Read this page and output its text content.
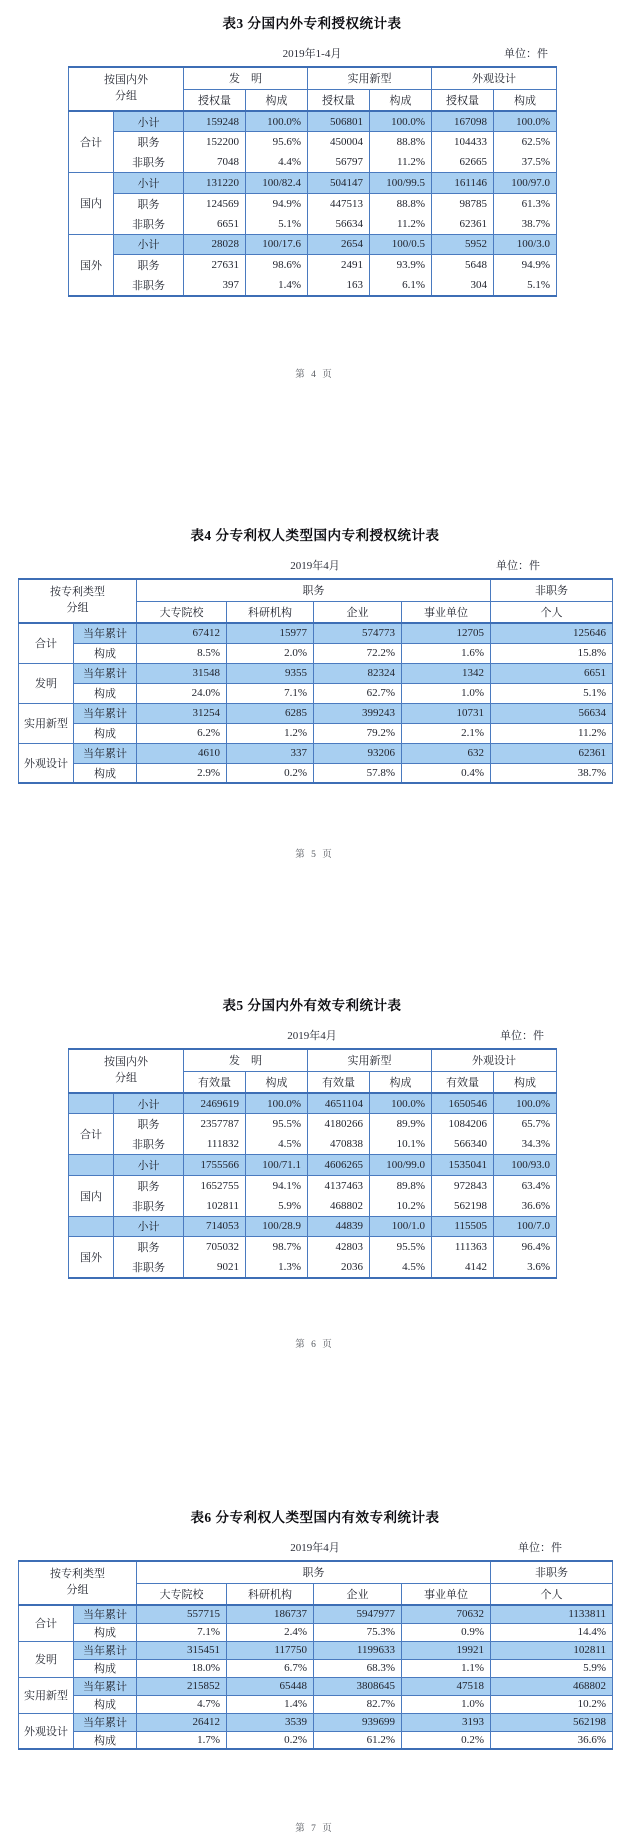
表3 分国内外专利授权统计表
2019年1-4月	单位：件
按国内外
分组		发　明		实用新型		外观设计	
		授权量	构成	授权量	构成	授权量	构成
合计	小计	159248	100.0%	506801	100.0%	167098	100.0%
	职务	152200	95.6%	450004	88.8%	104433	62.5%
	非职务	7048	4.4%	56797	11.2%	62665	37.5%
国内	小计	131220	100/82.4	504147	100/99.5	161146	100/97.0
	职务	124569	94.9%	447513	88.8%	98785	61.3%
	非职务	6651	5.1%	56634	11.2%	62361	38.7%
国外	小计	28028	100/17.6	2654	100/0.5	5952	100/3.0
	职务	27631	98.6%	2491	93.9%	5648	94.9%
	非职务	397	1.4%	163	6.1%	304	5.1%
第 4 页
表4 分专利权人类型国内专利授权统计表
2019年4月	单位：件
按专利类型
分组		职务				非职务
		大专院校	科研机构	企业	事业单位	个人
合计	当年累计	67412	15977	574773	12705	125646
	构成	8.5%	2.0%	72.2%	1.6%	15.8%
发明	当年累计	31548	9355	82324	1342	6651
	构成	24.0%	7.1%	62.7%	1.0%	5.1%
实用新型	当年累计	31254	6285	399243	10731	56634
	构成	6.2%	1.2%	79.2%	2.1%	11.2%
外观设计	当年累计	4610	337	93206	632	62361
	构成	2.9%	0.2%	57.8%	0.4%	38.7%
第 5 页
表5 分国内外有效专利统计表
2019年4月	单位：件
按国内外
分组		发　明		实用新型		外观设计	
		有效量	构成	有效量	构成	有效量	构成
	小计	2469619	100.0%	4651104	100.0%	1650546	100.0%
合计	职务	2357787	95.5%	4180266	89.9%	1084206	65.7%
	非职务	111832	4.5%	470838	10.1%	566340	34.3%
	小计	1755566	100/71.1	4606265	100/99.0	1535041	100/93.0
国内	职务	1652755	94.1%	4137463	89.8%	972843	63.4%
	非职务	102811	5.9%	468802	10.2%	562198	36.6%
	小计	714053	100/28.9	44839	100/1.0	115505	100/7.0
国外	职务	705032	98.7%	42803	95.5%	111363	96.4%
	非职务	9021	1.3%	2036	4.5%	4142	3.6%
第 6 页
表6 分专利权人类型国内有效专利统计表
2019年4月	单位：件
按专利类型
分组		职务				非职务
		大专院校	科研机构	企业	事业单位	个人
合计	当年累计	557715	186737	5947977	70632	1133811
	构成	7.1%	2.4%	75.3%	0.9%	14.4%
发明	当年累计	315451	117750	1199633	19921	102811
	构成	18.0%	6.7%	68.3%	1.1%	5.9%
实用新型	当年累计	215852	65448	3808645	47518	468802
	构成	4.7%	1.4%	82.7%	1.0%	10.2%
外观设计	当年累计	26412	3539	939699	3193	562198
	构成	1.7%	0.2%	61.2%	0.2%	36.6%
第 7 页
